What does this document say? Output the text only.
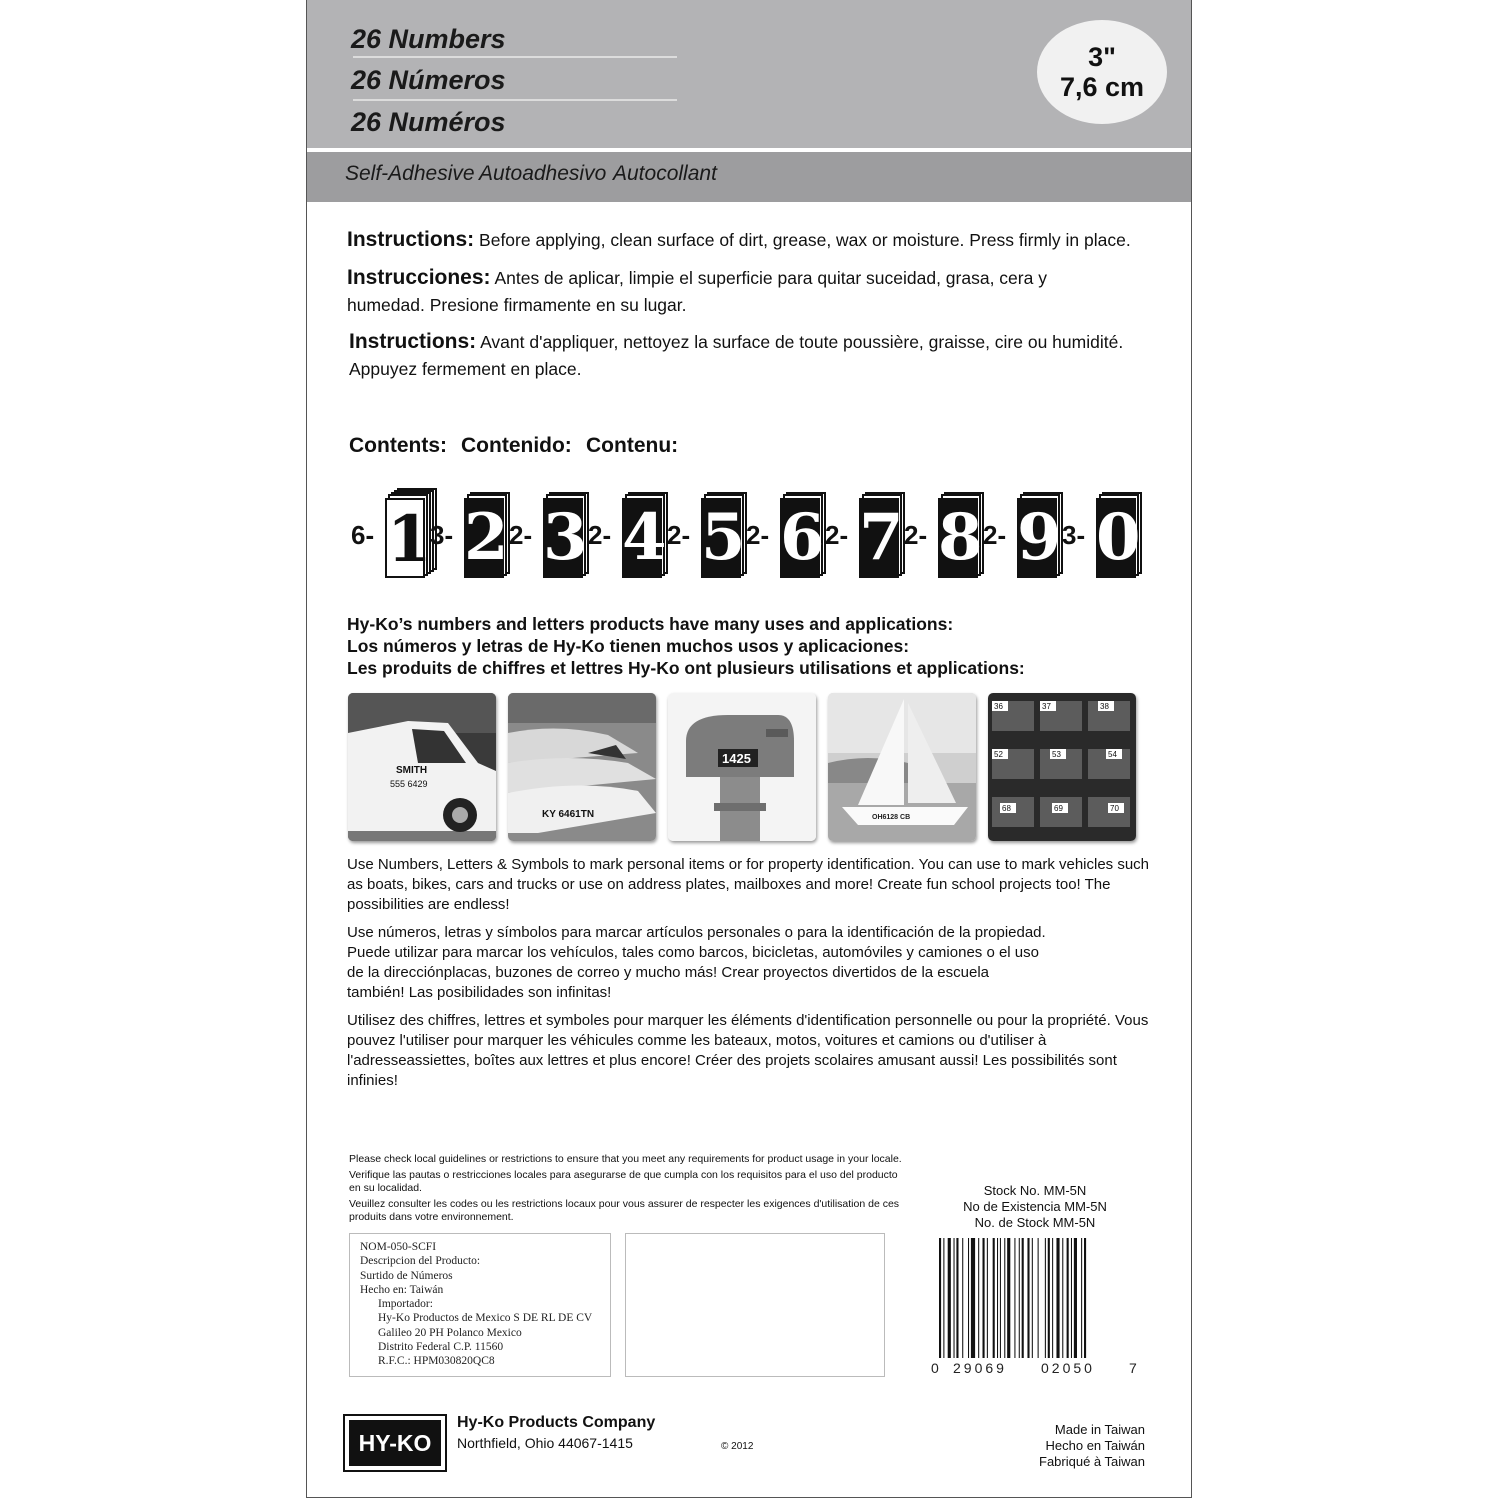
26 Numbers
26 Números
26 Numéros
3"
7,6 cm
Self-Adhesive Autoadhesivo Autocollant
Instructions: Before applying, clean surface of dirt, grease, wax or moisture. Press firmly in place.
Instrucciones: Antes de aplicar, limpie el superficie para quitar suceidad, grasa, cera y humedad. Presione firmamente en su lugar.
Instructions: Avant d'appliquer, nettoyez la surface de toute poussière, graisse, cire ou humidité. Appuyez fermement en place.
Contents: Contenido: Contenu:
6- 1
3- 2 2- 3 2- 4 2- 5 2- 6 2- 7 2- 8 2- 9 3- 0
Hy-Ko’s numbers and letters products have many uses and applications:
Los números y letras de Hy-Ko tienen muchos usos y aplicaciones:
Les produits de chiffres et lettres Hy-Ko ont plusieurs utilisations et applications:
SMITH
555 6429
KY 6461TN
1425
OH6128 CB
36	37	38
52	53	54
68	69	70
Use Numbers, Letters & Symbols to mark personal items or for property identification. You can use to mark vehicles such as boats, bikes, cars and trucks or use on address plates, mailboxes and more! Create fun school projects too! The possibilities are endless!
Use números, letras y símbolos para marcar artículos personales o para la identificación de la propiedad. Puede utilizar para marcar los vehículos, tales como barcos, bicicletas, automóviles y camiones o el uso de la direcciónplacas, buzones de correo y mucho más! Crear proyectos divertidos de la escuela también! Las posibilidades son infinitas!
Utilisez des chiffres, lettres et symboles pour marquer les éléments d'identification personnelle ou pour la propriété. Vous pouvez l'utiliser pour marquer les véhicules comme les bateaux, motos, voitures et camions ou d'utiliser à l'adresseassiettes, boîtes aux lettres et plus encore! Créer des projets scolaires amusant aussi! Les possibilités sont infinies!
Please check local guidelines or restrictions to ensure that you meet any requirements for product usage in your locale.
Verifique las pautas o restricciones locales para asegurarse de que cumpla con los requisitos para el uso del producto en su localidad.
Veuillez consulter les codes ou les restrictions locaux pour vous assurer de respecter les exigences d'utilisation de ces produits dans votre environnement.
NOM-050-SCFI
Descripcion del Producto:
Surtido de Números
Hecho en: Taiwán
Importador:
Hy-Ko Productos de Mexico S DE RL DE CV
Galileo 20 PH Polanco Mexico
Distrito Federal C.P. 11560
R.F.C.: HPM030820QC8
Stock No. MM-5N
No de Existencia MM-5N
No. de Stock MM-5N
0 29069 02050 7
HY-KO
Hy-Ko Products Company
Northfield, Ohio 44067-1415	© 2012
Made in Taiwan
Hecho en Taiwán
Fabriqué à Taiwan
